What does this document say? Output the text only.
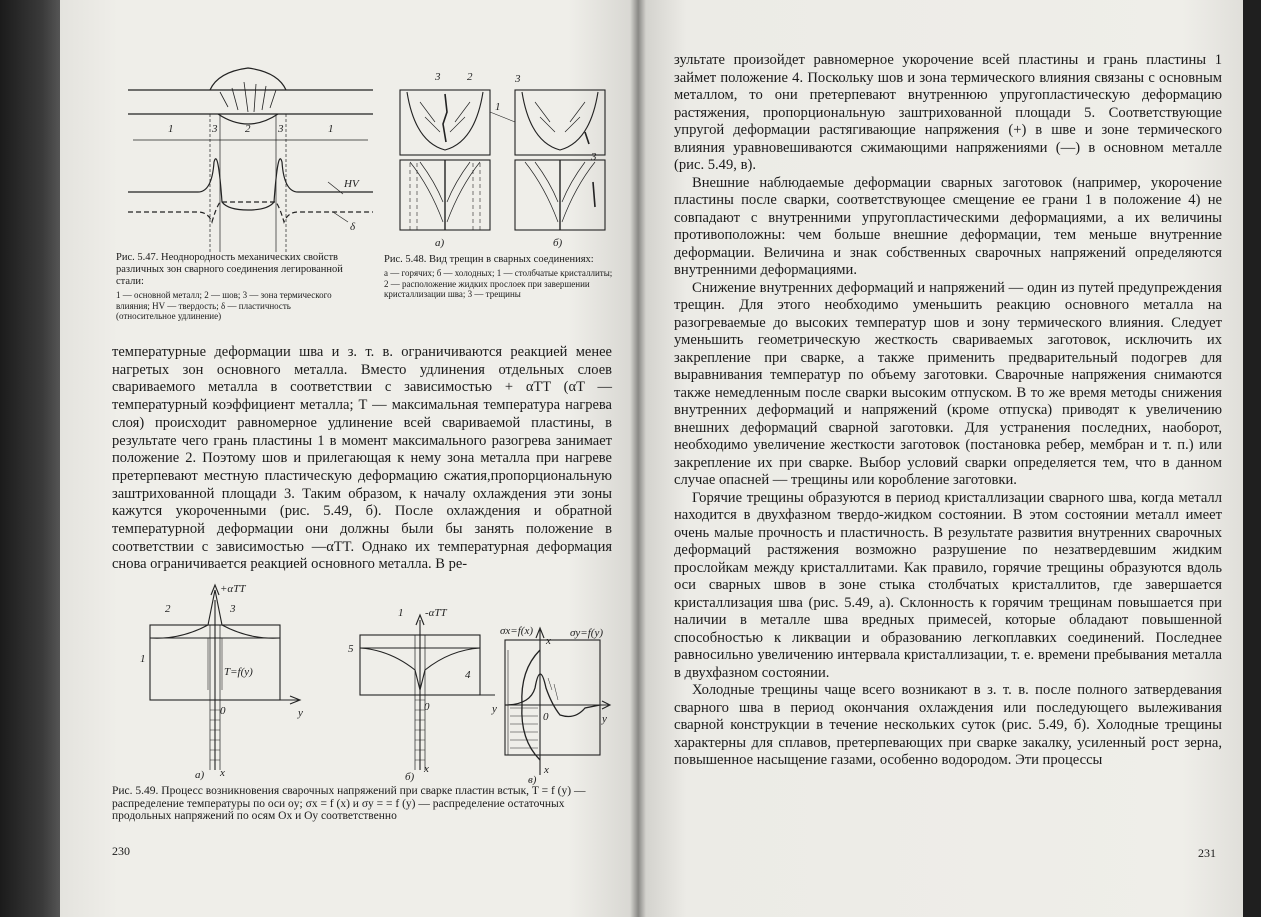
1	3	2	3	1
HV
δ
Рис. 5.47. Неоднородность механических свойств различных зон сварного соединения легированной стали:
1 — основной металл; 2 — шов; 3 — зона термического влияния; HV — твердость; δ — пластичность (относительное удлинение)
3 2	3
1
3
а)	б)
Рис. 5.48. Вид трещин в сварных соединениях:
а — горячих; б — холодных; 1 — столбчатые кристаллиты; 2 — расположение жидких прослоек при завершении кристаллизации шва; 3 — трещины

температурные деформации шва и з. т. в. ограничиваются реакцией менее нагретых зон основного металла. Вместо удлинения отдельных слоев свариваемого металла в соответствии с зависимостью + αTT (αT — температурный коэффициент металла; T — максимальная температура нагрева слоя) происходит равномерное удлинение всей свариваемой пластины, в результате чего грань пластины 1 в момент максимального разогрева занимает положение 2. Поэтому шов и прилегающая к нему зона металла при нагреве претерпевают местную пластическую деформацию сжатия,пропорциональную заштрихованной площади 3. Таким образом, к началу охлаждения эти зоны кажутся укороченными (рис. 5.49, б). После охлаждения и обратной температурной деформации они должны были бы занять положение в соответствии с зависимостью —αTT. Однако их температурная деформация снова ограничивается реакцией основного металла. В ре-

+αTT
2	3
1
T=f(y)
0	y
x
а)
-αTT
1
5
4
0	y
x
б)
σx=f(x)	σy=f(y)
x
0	y
x
в)
Рис. 5.49. Процесс возникновения сварочных напряжений при сварке пластин встык, T = f (y) — распределение температуры по оси oy; σx = f (x) и σy = = f (y) — распределение остаточных продольных напряжений по осям Ox и Oy соответственно
230

зультате произойдет равномерное укорочение всей пластины и грань пластины 1 займет положение 4. Поскольку шов и зона термического влияния связаны с основным металлом, то они претерпевают внутреннюю упругопластическую деформацию растяжения, пропорциональную заштрихованной площади 5. Соответствующие упругой деформации растягивающие напряжения (+) в шве и зоне термического влияния уравновешиваются сжимающими напряжениями (—) в основном металле (рис. 5.49, в).

Внешние наблюдаемые деформации сварных заготовок (например, укорочение пластины после сварки, соответствующее смещение ее грани 1 в положение 4) не совпадают с внутренними упругопластическими деформациями, а их величины противоположны: чем больше внешние деформации, тем меньше внутренние деформации. Величина и знак собственных сварочных напряжений определяются внутренними деформациями.

Снижение внутренних деформаций и напряжений — один из путей предупреждения трещин. Для этого необходимо уменьшить реакцию основного металла на разогреваемые до высоких температур шов и зону термического влияния. Следует уменьшить геометрическую жесткость свариваемых заготовок, исключить их закрепление при сварке, а также применить предварительный подогрев для выравнивания температур по объему заготовки. Сварочные напряжения снимаются также немедленным после сварки высоким отпуском. В то же время методы снижения внутренних деформаций и напряжений (кроме отпуска) приводят к увеличению внешних деформаций сварной заготовки. Для устранения последних, наоборот, необходимо увеличение жесткости заготовок (постановка ребер, мембран и т. п.) или закрепление их при сварке. Выбор условий сварки определяется тем, что в данном случае опасней — трещины или коробление заготовки.

Горячие трещины образуются в период кристаллизации сварного шва, когда металл находится в двухфазном твердо-жидком состоянии. В этом состоянии металл имеет очень малые прочность и пластичность. В результате развития внутренних сварочных деформаций растяжения возможно разрушение по незатвердевшим жидким прослойкам между кристаллитами. Как правило, горячие трещины образуются вдоль оси сварных швов в зоне стыка столбчатых кристаллитов, где завершается кристаллизация шва (рис. 5.49, а). Склонность к горячим трещинам повышается при наличии в металле шва вредных примесей, которые обладают повышенной способностью к ликвации и образованию легкоплавких соединений. Последнее равносильно увеличению интервала кристаллизации, т. е. времени пребывания металла в двухфазном состоянии.

Холодные трещины чаще всего возникают в з. т. в. после полного затвердевания сварного шва в период окончания охлаждения или последующего вылеживания сварной конструкции в течение нескольких суток (рис. 5.49, б). Холодные трещины характерны для сплавов, претерпевающих при сварке закалку, усиленный рост зерна, повышенное насыщение газами, особенно водородом. Эти процессы

231
